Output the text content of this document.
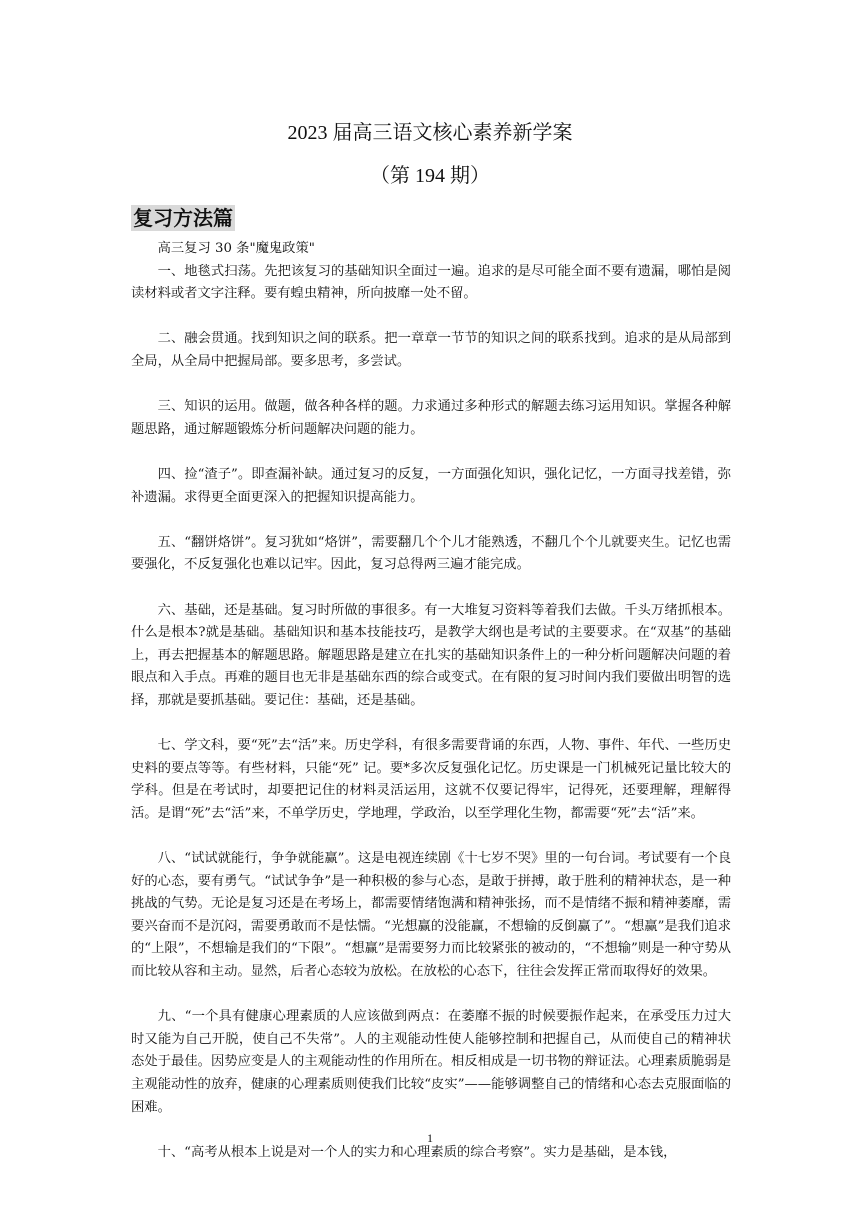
2023 届高三语文核心素养新学案
（第 194 期）
复习方法篇

高三复习 30 条"魔鬼政策"

一、地毯式扫荡。先把该复习的基础知识全面过一遍。追求的是尽可能全面不要有遗漏，哪怕是阅读材料或者文字注释。要有蝗虫精神，所向披靡一处不留。

二、融会贯通。找到知识之间的联系。把一章章一节节的知识之间的联系找到。追求的是从局部到全局，从全局中把握局部。要多思考，多尝试。

三、知识的运用。做题，做各种各样的题。力求通过多种形式的解题去练习运用知识。掌握各种解题思路，通过解题锻炼分析问题解决问题的能力。

四、捡“渣子”。即查漏补缺。通过复习的反复，一方面强化知识，强化记忆，一方面寻找差错，弥补遗漏。求得更全面更深入的把握知识提高能力。

五、“翻饼烙饼”。复习犹如“烙饼”，需要翻几个个儿才能熟透，不翻几个个儿就要夹生。记忆也需要强化，不反复强化也难以记牢。因此，复习总得两三遍才能完成。

六、基础，还是基础。复习时所做的事很多。有一大堆复习资料等着我们去做。千头万绪抓根本。什么是根本?就是基础。基础知识和基本技能技巧，是教学大纲也是考试的主要要求。在“双基”的基础上，再去把握基本的解题思路。解题思路是建立在扎实的基础知识条件上的一种分析问题解决问题的着眼点和入手点。再难的题目也无非是基础东西的综合或变式。在有限的复习时间内我们要做出明智的选择，那就是要抓基础。要记住：基础，还是基础。

七、学文科，要“死”去“活”来。历史学科，有很多需要背诵的东西，人物、事件、年代、一些历史史料的要点等等。有些材料，只能“死” 记。要*多次反复强化记忆。历史课是一门机械死记量比较大的学科。但是在考试时，却要把记住的材料灵活运用，这就不仅要记得牢，记得死，还要理解，理解得活。是谓“死”去“活”来，不单学历史，学地理，学政治，以至学理化生物，都需要“死”去“活”来。

八、“试试就能行，争争就能赢”。这是电视连续剧《十七岁不哭》里的一句台词。考试要有一个良好的心态，要有勇气。“试试争争”是一种积极的参与心态，是敢于拼搏，敢于胜利的精神状态，是一种挑战的气势。无论是复习还是在考场上，都需要情绪饱满和精神张扬，而不是情绪不振和精神萎靡，需要兴奋而不是沉闷，需要勇敢而不是怯懦。“光想赢的没能赢，不想输的反倒赢了”。“想赢”是我们追求的“上限”，不想输是我们的“下限”。“想赢”是需要努力而比较紧张的被动的，“不想输”则是一种守势从而比较从容和主动。显然，后者心态较为放松。在放松的心态下，往往会发挥正常而取得好的效果。

九、“一个具有健康心理素质的人应该做到两点：在萎靡不振的时候要振作起来，在承受压力过大时又能为自己开脱，使自己不失常”。人的主观能动性使人能够控制和把握自己，从而使自己的精神状态处于最佳。因势应变是人的主观能动性的作用所在。相反相成是一切书物的辩证法。心理素质脆弱是主观能动性的放弃，健康的心理素质则使我们比较“皮实”——能够调整自己的情绪和心态去克服面临的困难。

十、“高考从根本上说是对一个人的实力和心理素质的综合考察”。实力是基础，是本钱，

1
